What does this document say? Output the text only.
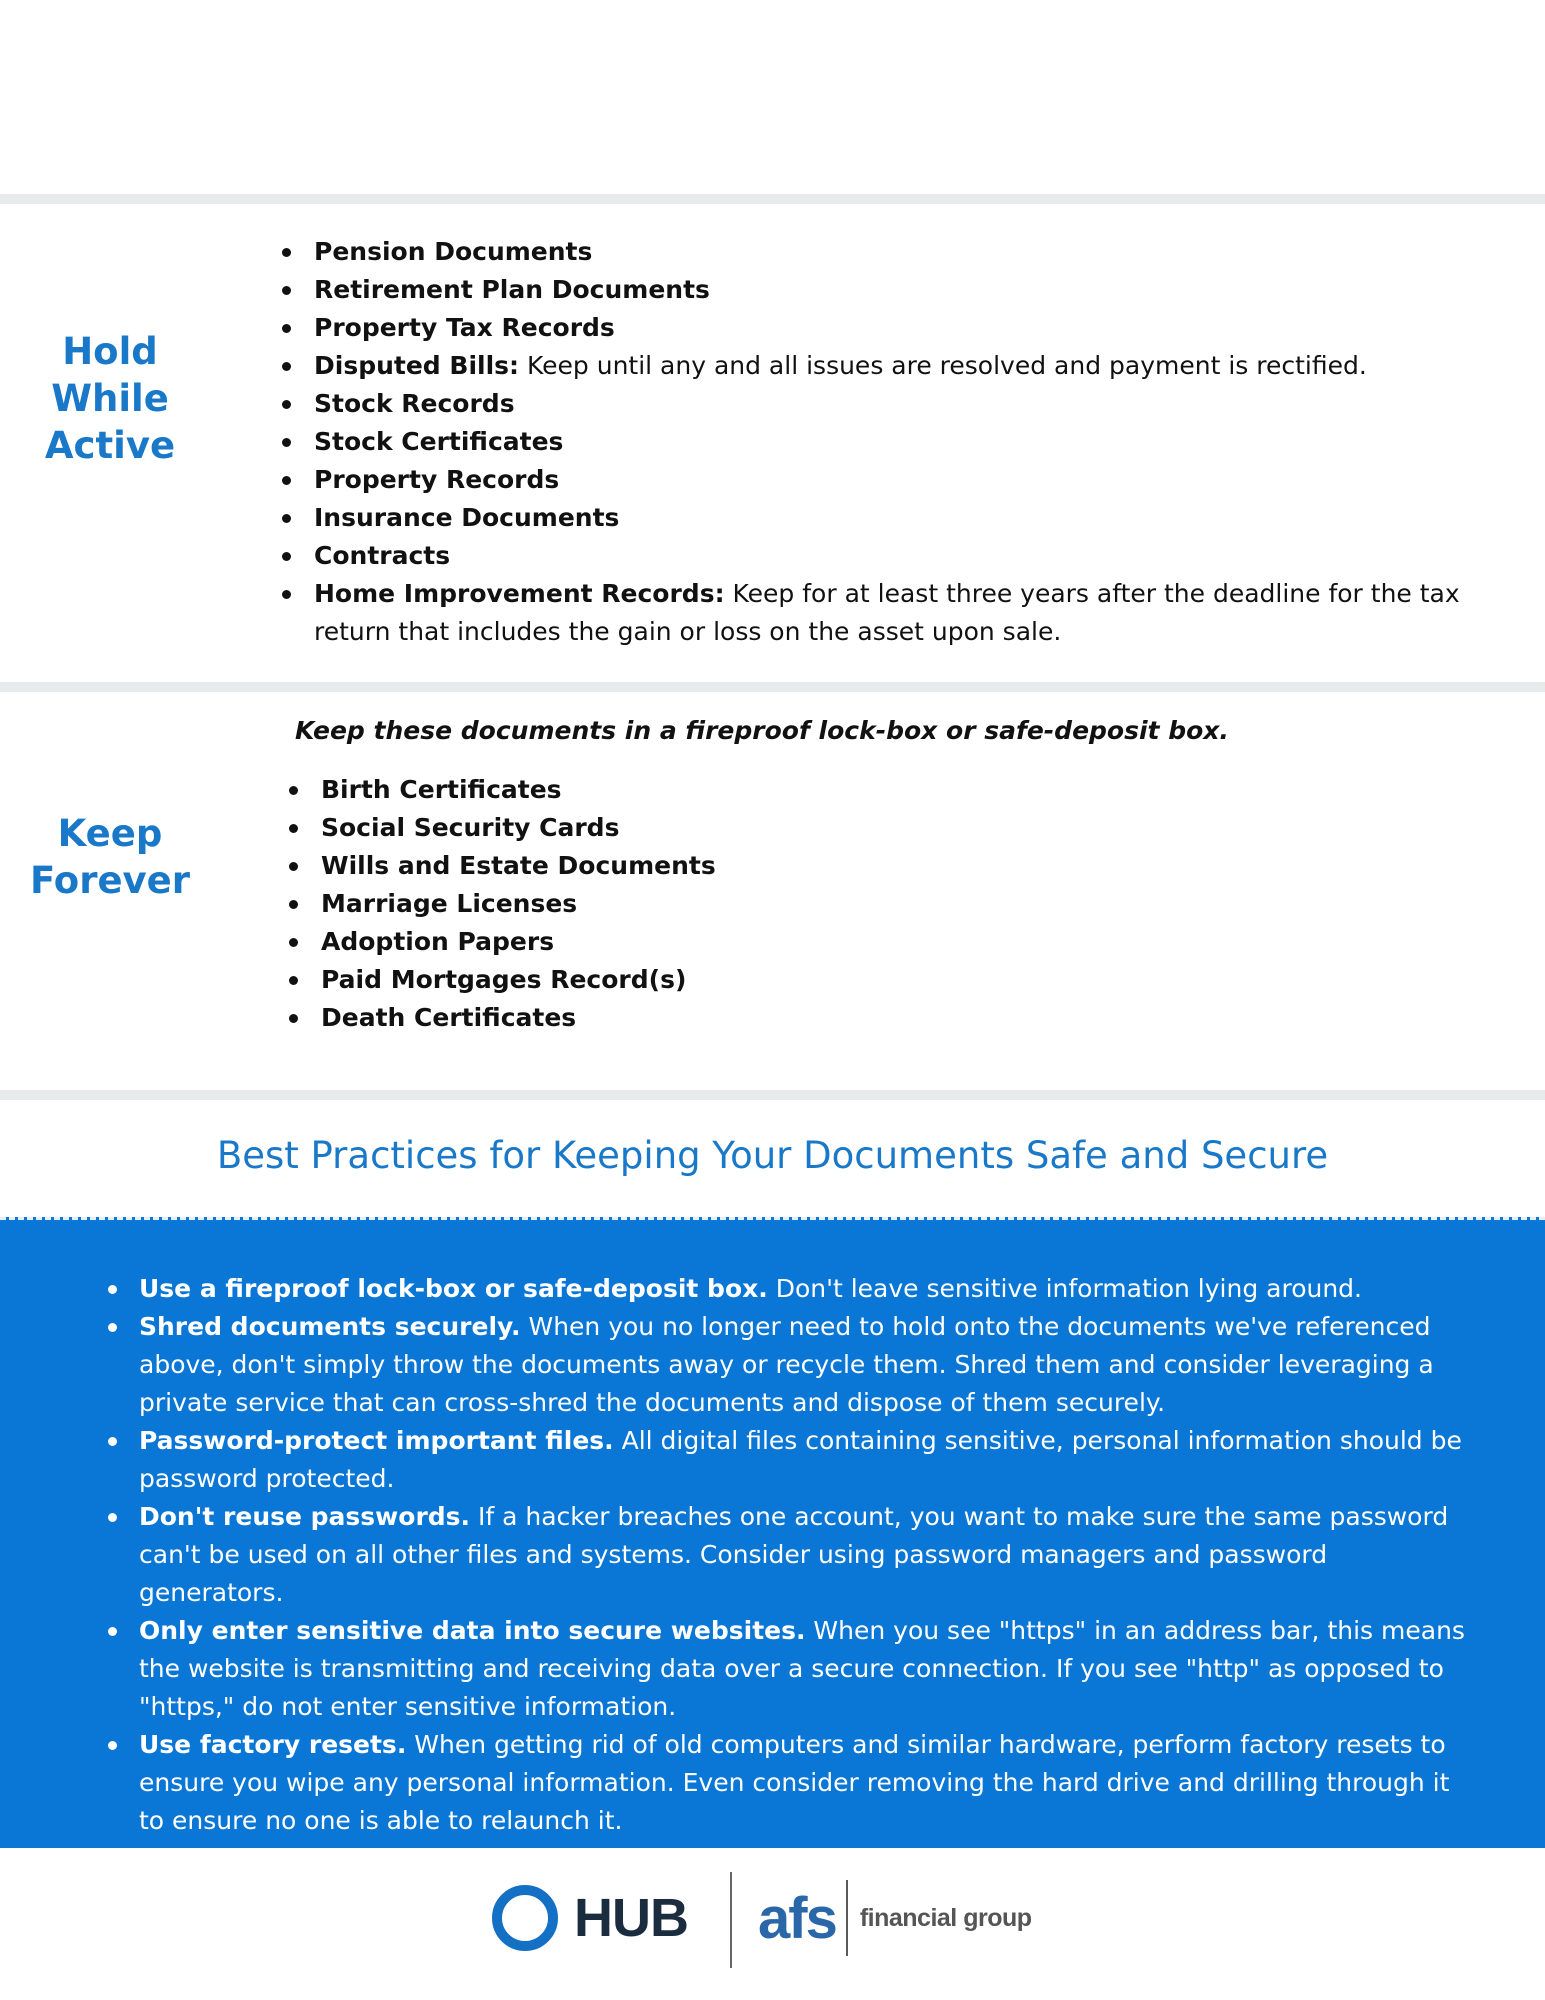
Hold
While
Active
Pension Documents
Retirement Plan Documents
Property Tax Records
Disputed Bills: Keep until any and all issues are resolved and payment is rectified.
Stock Records
Stock Certificates
Property Records
Insurance Documents
Contracts
Home Improvement Records: Keep for at least three years after the deadline for the tax return that includes the gain or loss on the asset upon sale.
Keep these documents in a fireproof lock-box or safe-deposit box.
Keep
Forever
Birth Certificates
Social Security Cards
Wills and Estate Documents
Marriage Licenses
Adoption Papers
Paid Mortgages Record(s)
Death Certificates
Best Practices for Keeping Your Documents Safe and Secure
Use a fireproof lock-box or safe-deposit box. Don't leave sensitive information lying around.
Shred documents securely. When you no longer need to hold onto the documents we've referenced above, don't simply throw the documents away or recycle them. Shred them and consider leveraging a private service that can cross-shred the documents and dispose of them securely.
Password-protect important files. All digital files containing sensitive, personal information should be password protected.
Don't reuse passwords. If a hacker breaches one account, you want to make sure the same password can't be used on all other files and systems. Consider using password managers and password generators.
Only enter sensitive data into secure websites. When you see "https" in an address bar, this means the website is transmitting and receiving data over a secure connection. If you see "http" as opposed to "https," do not enter sensitive information.
Use factory resets. When getting rid of old computers and similar hardware, perform factory resets to ensure you wipe any personal information. Even consider removing the hard drive and drilling through it to ensure no one is able to relaunch it.
HUB afs financial group
